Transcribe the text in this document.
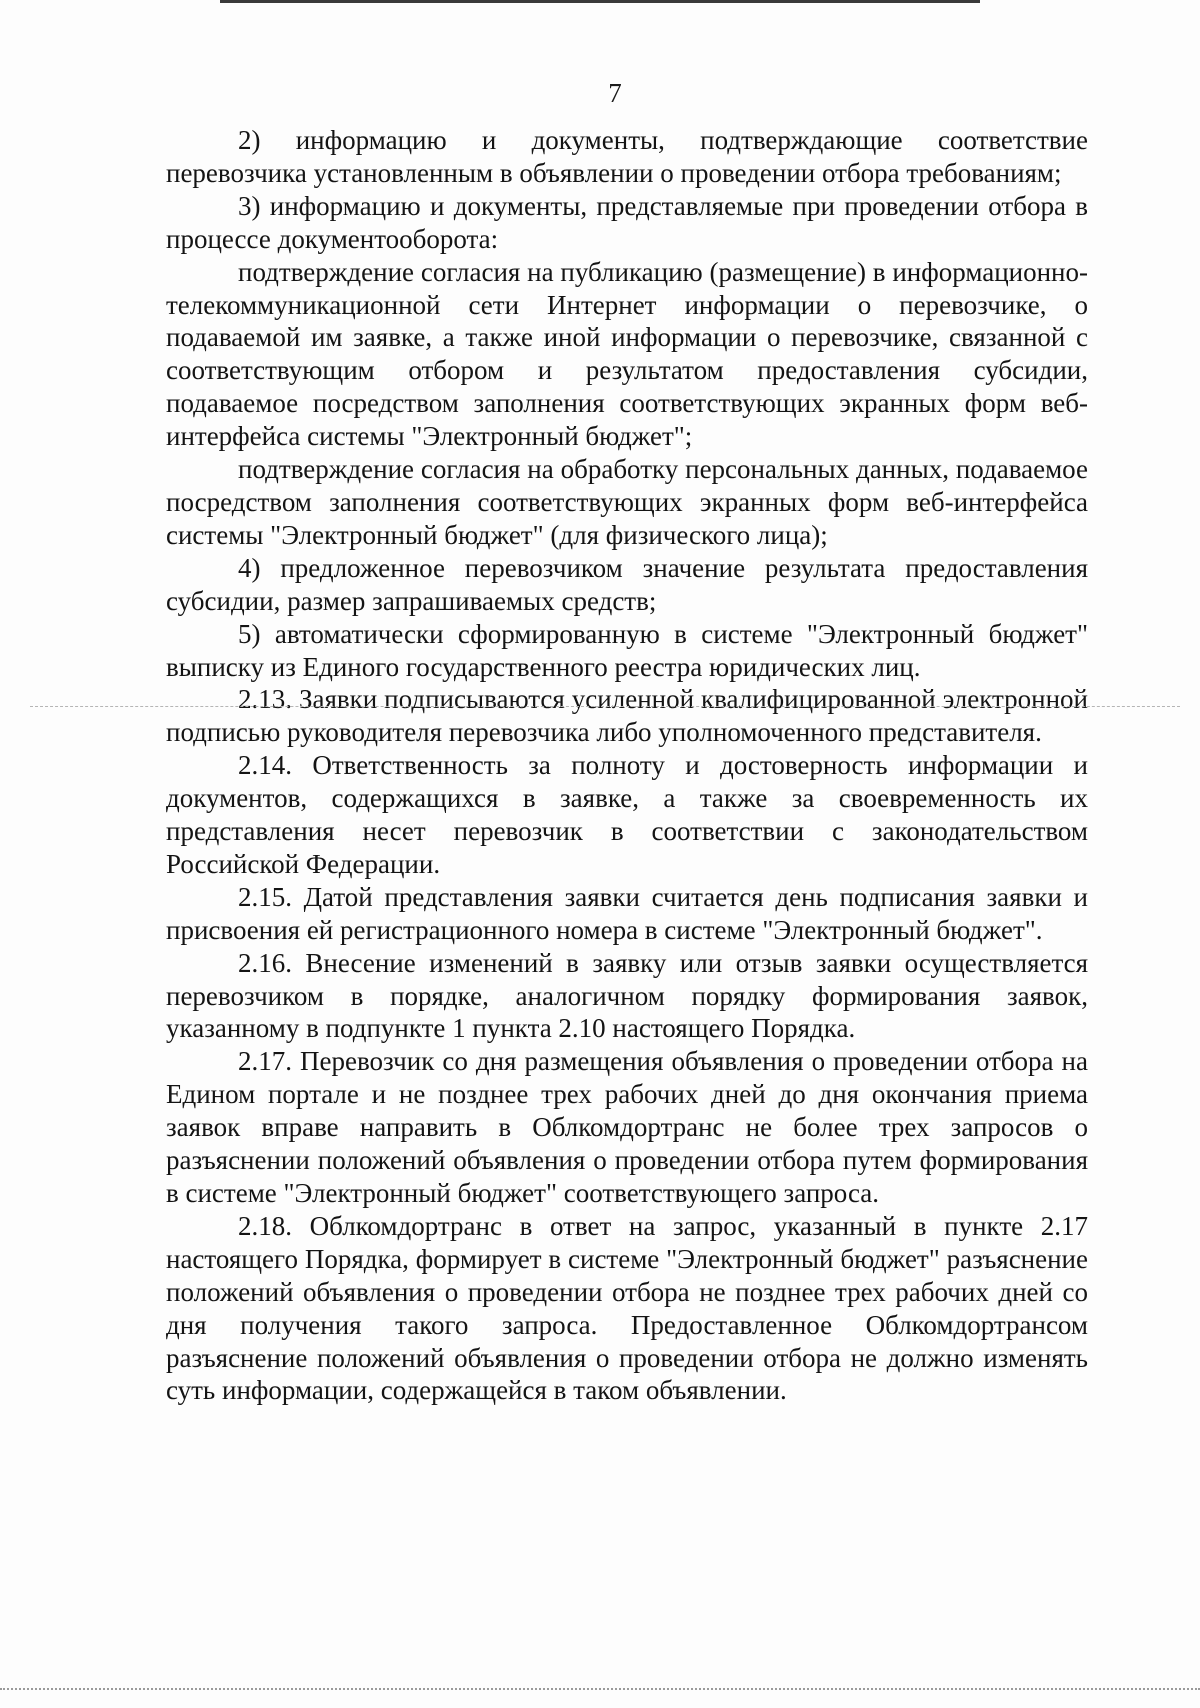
7

2) информацию и документы, подтверждающие соответствие перевозчика установленным в объявлении о проведении отбора требованиям;

3) информацию и документы, представляемые при проведении отбора в процессе документооборота:

подтверждение согласия на публикацию (размещение) в информационно-телекоммуникационной сети Интернет информации о перевозчике, о подаваемой им заявке, а также иной информации о перевозчике, связанной с соответствующим отбором и результатом предоставления субсидии, подаваемое посредством заполнения соответствующих экранных форм веб-интерфейса системы "Электронный бюджет";

подтверждение согласия на обработку персональных данных, подаваемое посредством заполнения соответствующих экранных форм веб-интерфейса системы "Электронный бюджет" (для физического лица);

4) предложенное перевозчиком значение результата предоставления субсидии, размер запрашиваемых средств;

5) автоматически сформированную в системе "Электронный бюджет" выписку из Единого государственного реестра юридических лиц.

2.13. Заявки подписываются усиленной квалифицированной электронной подписью руководителя перевозчика либо уполномоченного представителя.

2.14. Ответственность за полноту и достоверность информации и документов, содержащихся в заявке, а также за своевременность их представления несет перевозчик в соответствии с законодательством Российской Федерации.

2.15. Датой представления заявки считается день подписания заявки и присвоения ей регистрационного номера в системе "Электронный бюджет".

2.16. Внесение изменений в заявку или отзыв заявки осуществляется перевозчиком в порядке, аналогичном порядку формирования заявок, указанному в подпункте 1 пункта 2.10 настоящего Порядка.

2.17. Перевозчик со дня размещения объявления о проведении отбора на Едином портале и не позднее трех рабочих дней до дня окончания приема заявок вправе направить в Облкомдортранс не более трех запросов о разъяснении положений объявления о проведении отбора путем формирования в системе "Электронный бюджет" соответствующего запроса.

2.18. Облкомдортранс в ответ на запрос, указанный в пункте 2.17 настоящего Порядка, формирует в системе "Электронный бюджет" разъяснение положений объявления о проведении отбора не позднее трех рабочих дней со дня получения такого запроса. Предоставленное Облкомдортрансом разъяснение положений объявления о проведении отбора не должно изменять суть информации, содержащейся в таком объявлении.
